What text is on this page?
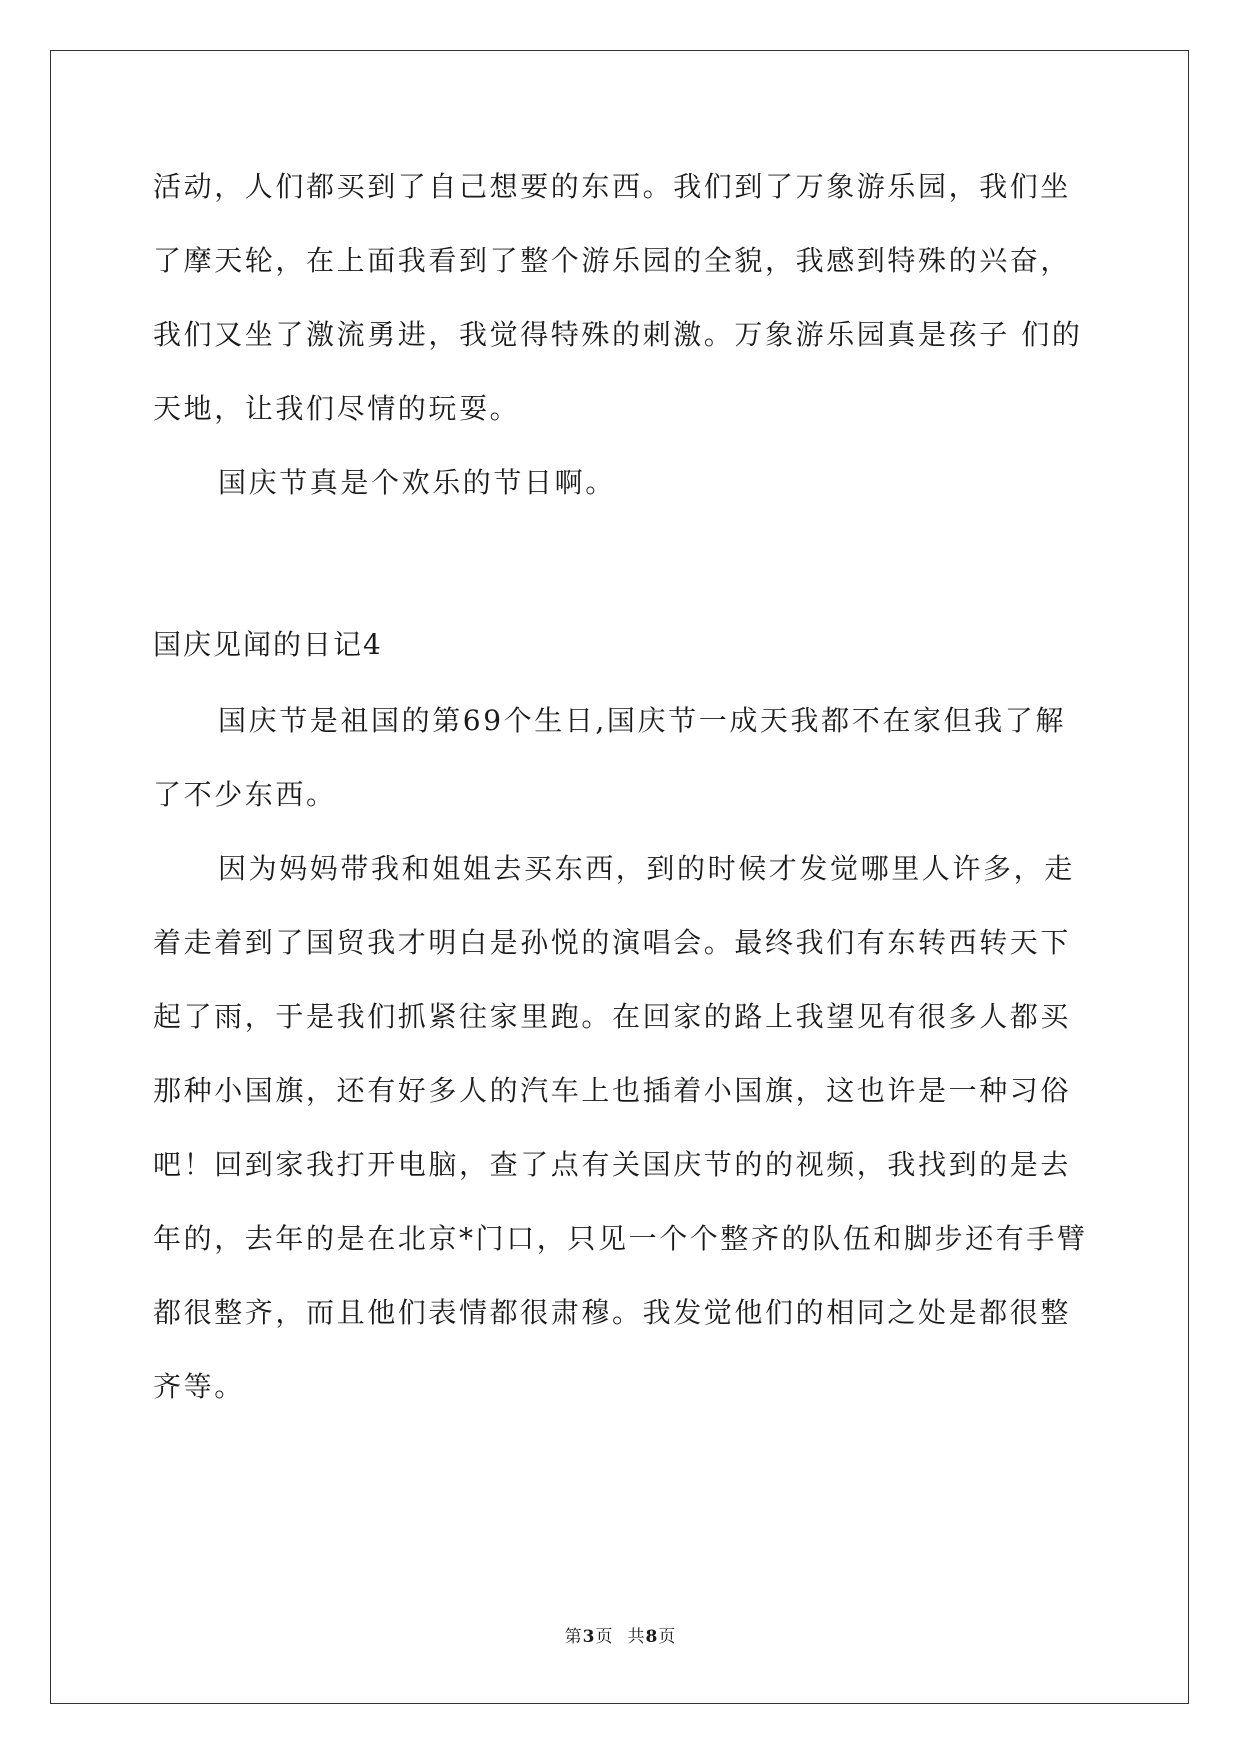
活动，人们都买到了自己想要的东西。我们到了万象游乐园，我们坐
了摩天轮，在上面我看到了整个游乐园的全貌，我感到特殊的兴奋，
我们又坐了激流勇进，我觉得特殊的刺激。万象游乐园真是孩子 们的
天地，让我们尽情的玩耍。
国庆节真是个欢乐的节日啊。
国庆见闻的日记4
国庆节是祖国的第69个生日,国庆节一成天我都不在家但我了解
了不少东西。
因为妈妈带我和姐姐去买东西，到的时候才发觉哪里人许多，走
着走着到了国贸我才明白是孙悦的演唱会。最终我们有东转西转天下
起了雨，于是我们抓紧往家里跑。在回家的路上我望见有很多人都买
那种小国旗，还有好多人的汽车上也插着小国旗，这也许是一种习俗
吧！回到家我打开电脑，查了点有关国庆节的的视频，我找到的是去
年的，去年的是在北京*门口，只见一个个整齐的队伍和脚步还有手臂
都很整齐，而且他们表情都很肃穆。我发觉他们的相同之处是都很整
齐等。
第3页 共8页
